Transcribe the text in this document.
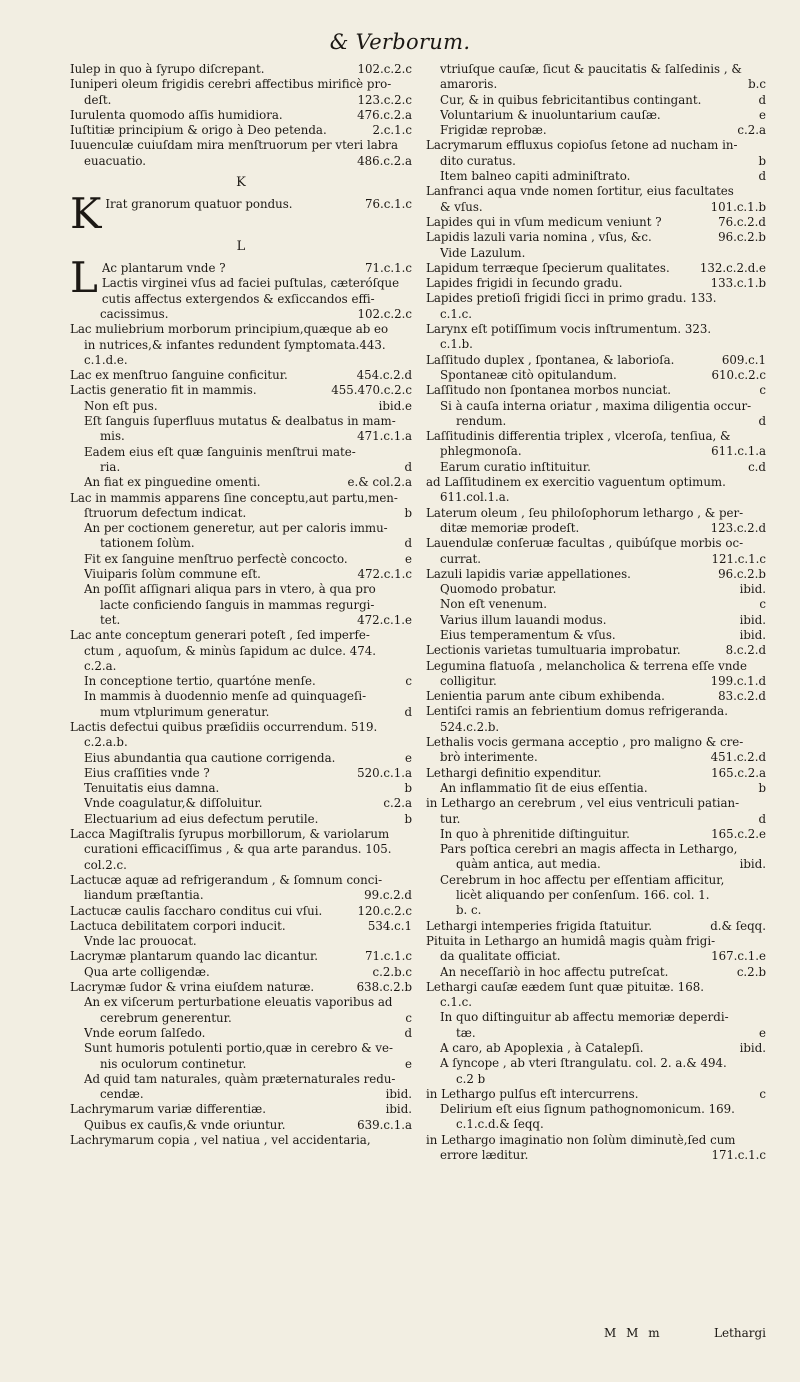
& Verborum.
Iulep in quo à ſyrupo diſcrepant.	102.c.2.c
Iuniperi oleum frigidis cerebri affectibus mirificè pro-
deſt.	123.c.2.c
Iurulenta quomodo aſſis humidiora.	476.c.2.a
Iuſtitiæ principium & origo à Deo petenda.	2.c.1.c
Iuuenculæ cuiuſdam mira menſtruorum per vteri labra
euacuatio.	486.c.2.a
K
K Irat granorum quatuor pondus.	76.c.1.c
L
L Ac plantarum vnde ?	71.c.1.c
Lactis virginei vſus ad faciei puſtulas, cæteróſque
cutis affectus extergendos & exſiccandos effi-
cacissimus.	102.c.2.c
Lac muliebrium morborum principium,quæque ab eo
in nutrices,& infantes redundent ſymptomata.443.
c.1.d.e.
Lac ex menſtruo ſanguine conficitur.	454.c.2.d
Lactis generatio fit in mammis.	455.470.c.2.c
Non eſt pus.	ibid.e
Eſt ſanguis ſuperfluus mutatus & dealbatus in mam-
mis.	471.c.1.a
Eadem eius eſt quæ ſanguinis menſtrui mate-
ria.	d
An fiat ex pinguedine omenti.	e.& col.2.a
Lac in mammis apparens ſine conceptu,aut partu,men-
ſtruorum defectum indicat.	b
An per coctionem generetur, aut per caloris immu-
tationem ſolùm.	d
Fit ex ſanguine menſtruo perfectè concocto.	e
Viuiparis ſolùm commune eſt.	472.c.1.c
An poſſit aſſignari aliqua pars in vtero, à qua pro
lacte conficiendo ſanguis in mammas regurgi-
tet.	472.c.1.e
Lac ante conceptum generari poteſt , ſed imperfe-
ctum , aquoſum, & minùs ſapidum ac dulce. 474.
c.2.a.
In conceptione tertio, quartóne menſe.	c
In mammis à duodennio menſe ad quinquageſi-
mum vtplurimum generatur.	d
Lactis defectui quibus præſidiis occurrendum. 519.
c.2.a.b.
Eius abundantia qua cautione corrigenda.	e
Eius craſſities vnde ?	520.c.1.a
Tenuitatis eius damna.	b
Vnde coagulatur,& diſſoluitur.	c.2.a
Electuarium ad eius defectum perutile.	b
Lacca Magiſtralis ſyrupus morbillorum, & variolarum
curationi efficaciſſimus , & qua arte parandus. 105.
col.2.c.
Lactucæ aquæ ad refrigerandum , & ſomnum conci-
liandum præſtantia.	99.c.2.d
Lactucæ caulis ſaccharo conditus cui vſui.	120.c.2.c
Lactuca debilitatem corpori inducit.	534.c.1
Vnde lac prouocat.
Lacrymæ plantarum quando lac dicantur.	71.c.1.c
Qua arte colligendæ.	c.2.b.c
Lacrymæ ſudor & vrina eiuſdem naturæ.	638.c.2.b
An ex viſcerum perturbatione eleuatis vaporibus ad
cerebrum generentur.	c
Vnde eorum ſalſedo.	d
Sunt humoris potulenti portio,quæ in cerebro & ve-
nis oculorum continetur.	e
Ad quid tam naturales, quàm præternaturales redu-
cendæ.	ibid.
Lachrymarum variæ differentiæ.	ibid.
Quibus ex cauſis,& vnde oriuntur.	639.c.1.a
Lachrymarum copia , vel natiua , vel accidentaria,
vtriuſque cauſæ, ſicut & paucitatis & ſalſedinis , &
amaroris.	b.c
Cur, & in quibus febricitantibus contingant.	d
Voluntarium & inuoluntarium cauſæ.	e
Frigidæ reprobæ.	c.2.a
Lacrymarum effluxus copioſus ſetone ad nucham in-
dito curatus.	b
Item balneo capiti adminiſtrato.	d
Lanfranci aqua vnde nomen ſortitur, eius facultates
& vſus.	101.c.1.b
Lapides qui in vſum medicum veniunt ?	76.c.2.d
Lapidis lazuli varia nomina , vſus, &c.	96.c.2.b
Vide Lazulum.
Lapidum terræque ſpecierum qualitates.	132.c.2.d.e
Lapides frigidi in ſecundo gradu.	133.c.1.b
Lapides pretioſi frigidi ſicci in primo gradu. 133.
c.1.c.
Larynx eſt potiſſimum vocis inſtrumentum. 323.
c.1.b.
Laſſitudo duplex , ſpontanea, & laborioſa.	609.c.1
Spontaneæ citò opitulandum.	610.c.2.c
Laſſitudo non ſpontanea morbos nunciat.	c
Si à cauſa interna oriatur , maxima diligentia occur-
rendum.	d
Laſſitudinis differentia triplex , vlceroſa, tenſiua, &
phlegmonoſa.	611.c.1.a
Earum curatio inſtituitur.	c.d
ad Laſſitudinem ex exercitio vaguentum optimum.
611.col.1.a.
Laterum oleum , ſeu philoſophorum lethargo , & per-
ditæ memoriæ prodeſt.	123.c.2.d
Lauendulæ conſeruæ facultas , quibúſque morbis oc-
currat.	121.c.1.c
Lazuli lapidis variæ appellationes.	96.c.2.b
Quomodo probatur.	ibid.
Non eſt venenum.	c
Varius illum lauandi modus.	ibid.
Eius temperamentum & vſus.	ibid.
Lectionis varietas tumultuaria improbatur.	8.c.2.d
Legumina flatuoſa , melancholica & terrena eſſe vnde
colligitur.	199.c.1.d
Lenientia parum ante cibum exhibenda.	83.c.2.d
Lentiſci ramis an febrientium domus refrigeranda.
524.c.2.b.
Lethalis vocis germana acceptio , pro maligno & cre-
brò interimente.	451.c.2.d
Lethargi definitio expenditur.	165.c.2.a
An inflammatio ſit de eius eſſentia.	b
in Lethargo an cerebrum , vel eius ventriculi patian-
tur.	d
In quo à phrenitide diſtinguitur.	165.c.2.e
Pars poſtica cerebri an magis affecta in Lethargo,
quàm antica, aut media.	ibid.
Cerebrum in hoc affectu per eſſentiam afficitur,
licèt aliquando per conſenſum. 166. col. 1.
b. c.
Lethargi intemperies frigida ſtatuitur.	d.& ſeqq.
Pituita in Lethargo an humidâ magis quàm frigi-
da qualitate officiat.	167.c.1.e
An neceſſariò in hoc affectu putreſcat.	c.2.b
Lethargi cauſæ eædem ſunt quæ pituitæ. 168.
c.1.c.
In quo diſtinguitur ab affectu memoriæ deperdi-
tæ.	e
A caro, ab Apoplexia , à Catalepſi.	ibid.
A ſyncope , ab vteri ſtrangulatu. col. 2. a.& 494.
c.2 b
in Lethargo pulſus eſt intercurrens.	c
Delirium eſt eius ſignum pathognomonicum. 169.
c.1.c.d.& ſeqq.
in Lethargo imaginatio non ſolùm diminutè,ſed cum
errore læditur.	171.c.1.c
M M m	Lethargi
